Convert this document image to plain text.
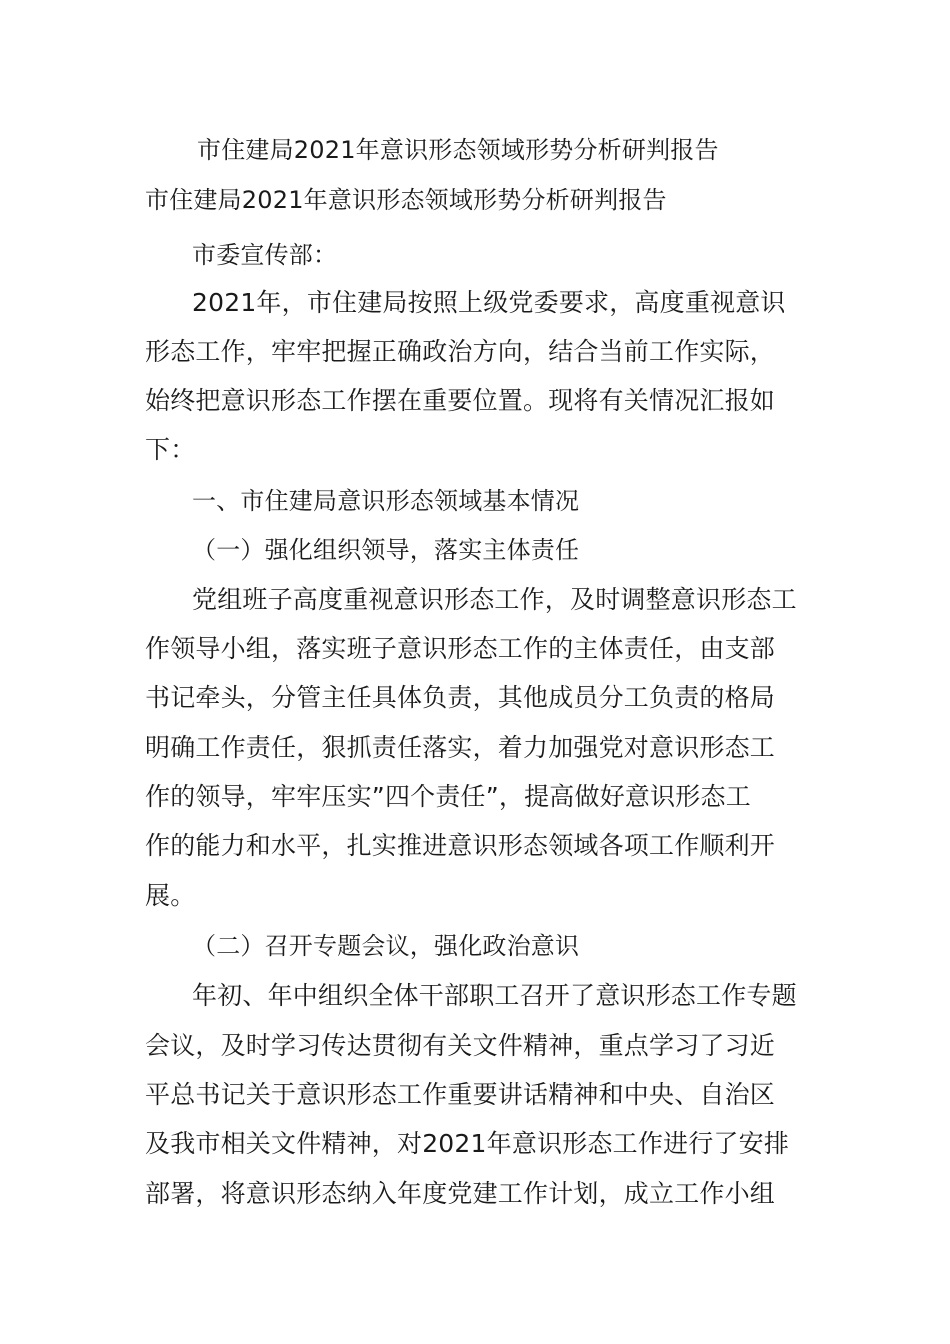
市住建局2021年意识形态领域形势分析研判报告

市住建局2021年意识形态领域形势分析研判报告

市委宣传部：

2021年，市住建局按照上级党委要求，高度重视意识

形态工作，牢牢把握正确政治方向，结合当前工作实际，

始终把意识形态工作摆在重要位置。现将有关情况汇报如

下：

一、市住建局意识形态领域基本情况

（一）强化组织领导，落实主体责任

党组班子高度重视意识形态工作，及时调整意识形态工

作领导小组，落实班子意识形态工作的主体责任，由支部

书记牵头，分管主任具体负责，其他成员分工负责的格局

明确工作责任，狠抓责任落实，着力加强党对意识形态工

作的领导，牢牢压实”四个责任”，提高做好意识形态工

作的能力和水平，扎实推进意识形态领域各项工作顺利开

展。

（二）召开专题会议，强化政治意识

年初、年中组织全体干部职工召开了意识形态工作专题

会议，及时学习传达贯彻有关文件精神，重点学习了习近

平总书记关于意识形态工作重要讲话精神和中央、自治区

及我市相关文件精神，对2021年意识形态工作进行了安排

部署，将意识形态纳入年度党建工作计划，成立工作小组
